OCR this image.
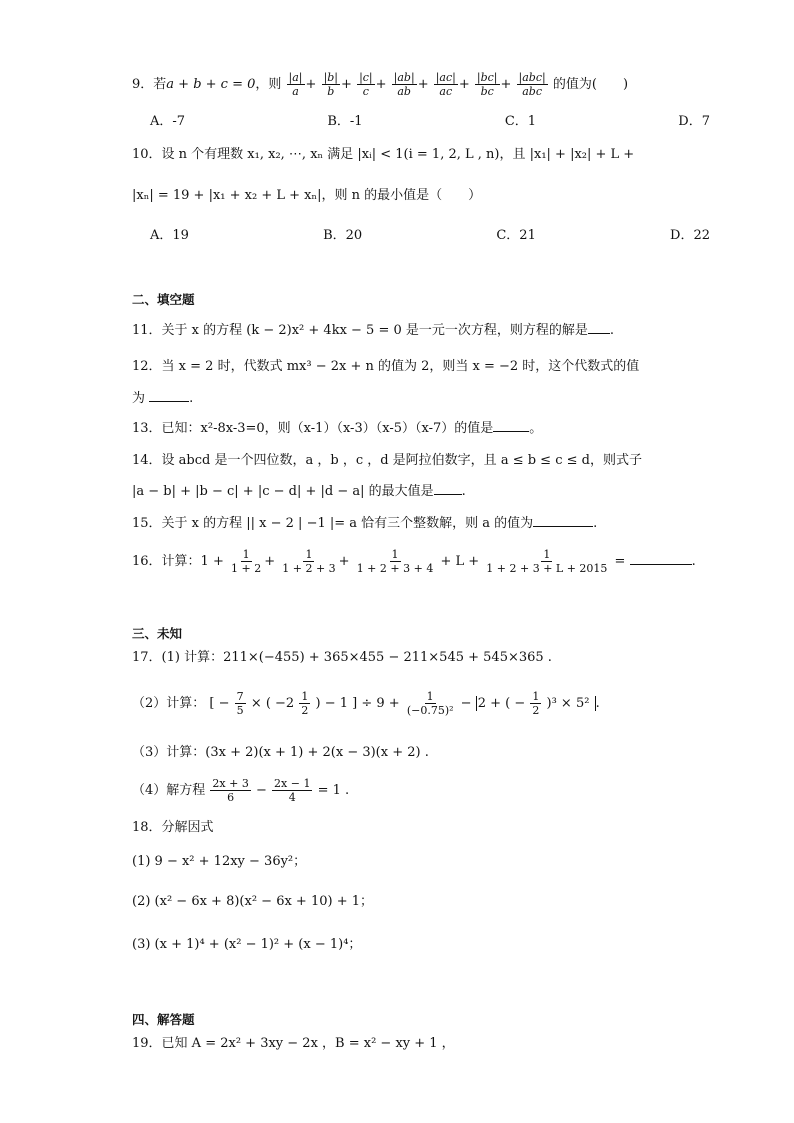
9．若a + b + c = 0，则 $\frac{|a|}{a} + \frac{|b|}{b} + \frac{|c|}{c} + \frac{|ab|}{ab} + \frac{|ac|}{ac} + \frac{|bc|}{bc} + \frac{\text{|abc|}}{\text{abc}}$ 的值为(　　)
A．-7	B．-1	C．1	D．7
10．设 n 个有理数 x₁, x₂, ⋯, xₙ 满足 |xᵢ| < 1(i = 1, 2, L , n)，且 |x₁| + |x₂| + L +
|xₙ| = 19 + |x₁ + x₂ + L + xₙ|，则 n 的最小值是（　　）
A．19	B．20	C．21	D．22
二、填空题
11．关于 x 的方程 (k − 2)x² + 4kx − 5 = 0 是一元一次方程，则方程的解是 .
12．当 x = 2 时，代数式 mx³ − 2x + n 的值为 2，则当 x = −2 时，这个代数式的值
为	.
13．已知：x²-8x-3=0，则（x-1）（x-3）（x-5）（x-7）的值是	。
14．设 abcd 是一个四位数，a ，b ，c ，d 是阿拉伯数字，且 a ≤ b ≤ c ≤ d，则式子
|a − b| + |b − c| + |c − d| + |d − a| 的最大值是 .
15．关于 x 的方程 || x − 2 | −1 |= a 恰有三个整数解，则 a 的值为	.
16．计算：$1 + \frac{1}{1 + 2} + \frac{1}{1 + 2 + 3} + \frac{1}{1 + 2 + 3 + 4} + L + \frac{1}{1 + 2 + 3 + L + 2015}$ =	.
三、未知
17．(1) 计算：211×(−455) + 365×455 − 211×545 + 545×365 .
（2）计算： [ − $\frac{7}{5}$ × ( $-2 \frac{1}{2}$ ) − 1 ] ÷ $9 + \frac{1}{\text{(−0.75)²}} - 2$ + ( − $\frac{1}{2} )^3 \times 5^2$ .
（3）计算：(3x + 2)(x + 1) + 2(x − 3)(x + 2) .
（4）解方程 $\frac{2x + 3}{6} - \frac{2x - 1}{4} = 1$ .
18．分解因式
(1) 9 − x² + 12xy − 36y²；
(2) (x² − 6x + 8)(x² − 6x + 10) + 1；
(3) (x + 1)⁴ + (x² − 1)² + (x − 1)⁴；
四、解答题
19．已知 A = 2x² + 3xy − 2x ，B = x² − xy + 1 ，
